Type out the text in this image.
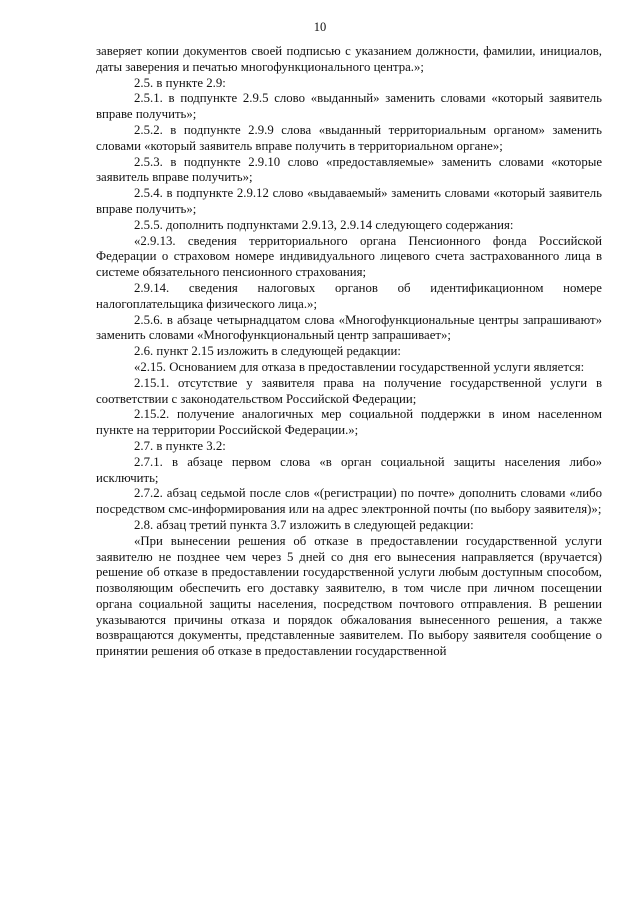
10

заверяет копии документов своей подписью с указанием должности, фамилии, инициалов, даты заверения и печатью многофункционального центра.»;

2.5. в пункте 2.9:

2.5.1. в подпункте 2.9.5 слово «выданный» заменить словами «который заявитель вправе получить»;

2.5.2. в подпункте 2.9.9 слова «выданный территориальным органом» заменить словами «который заявитель вправе получить в территориальном органе»;

2.5.3. в подпункте 2.9.10 слово «предоставляемые» заменить словами «которые заявитель вправе получить»;

2.5.4. в подпункте 2.9.12 слово «выдаваемый» заменить словами «который заявитель вправе получить»;

2.5.5. дополнить подпунктами 2.9.13, 2.9.14 следующего содержания:

«2.9.13. сведения территориального органа Пенсионного фонда Российской Федерации о страховом номере индивидуального лицевого счета застрахованного лица в системе обязательного пенсионного страхования;

2.9.14. сведения налоговых органов об идентификационном номере налогоплательщика физического лица.»;

2.5.6. в абзаце четырнадцатом слова «Многофункциональные центры запрашивают» заменить словами «Многофункциональный центр запрашивает»;

2.6. пункт 2.15 изложить в следующей редакции:

«2.15. Основанием для отказа в предоставлении государственной услуги является:

2.15.1. отсутствие у заявителя права на получение государственной услуги в соответствии с законодательством Российской Федерации;

2.15.2. получение аналогичных мер социальной поддержки в ином населенном пункте на территории Российской Федерации.»;

2.7. в пункте 3.2:

2.7.1. в абзаце первом слова «в орган социальной защиты населения либо» исключить;

2.7.2. абзац седьмой после слов «(регистрации) по почте» дополнить словами «либо посредством смс-информирования или на адрес электронной почты (по выбору заявителя)»;

2.8. абзац третий пункта 3.7 изложить в следующей редакции:

«При вынесении решения об отказе в предоставлении государственной услуги заявителю не позднее чем через 5 дней со дня его вынесения направляется (вручается) решение об отказе в предоставлении государственной услуги любым доступным способом, позволяющим обеспечить его доставку заявителю, в том числе при личном посещении органа социальной защиты населения, посредством почтового отправления. В решении указываются причины отказа и порядок обжалования вынесенного решения, а также возвращаются документы, представленные заявителем. По выбору заявителя сообщение о принятии решения об отказе в предоставлении государственной
